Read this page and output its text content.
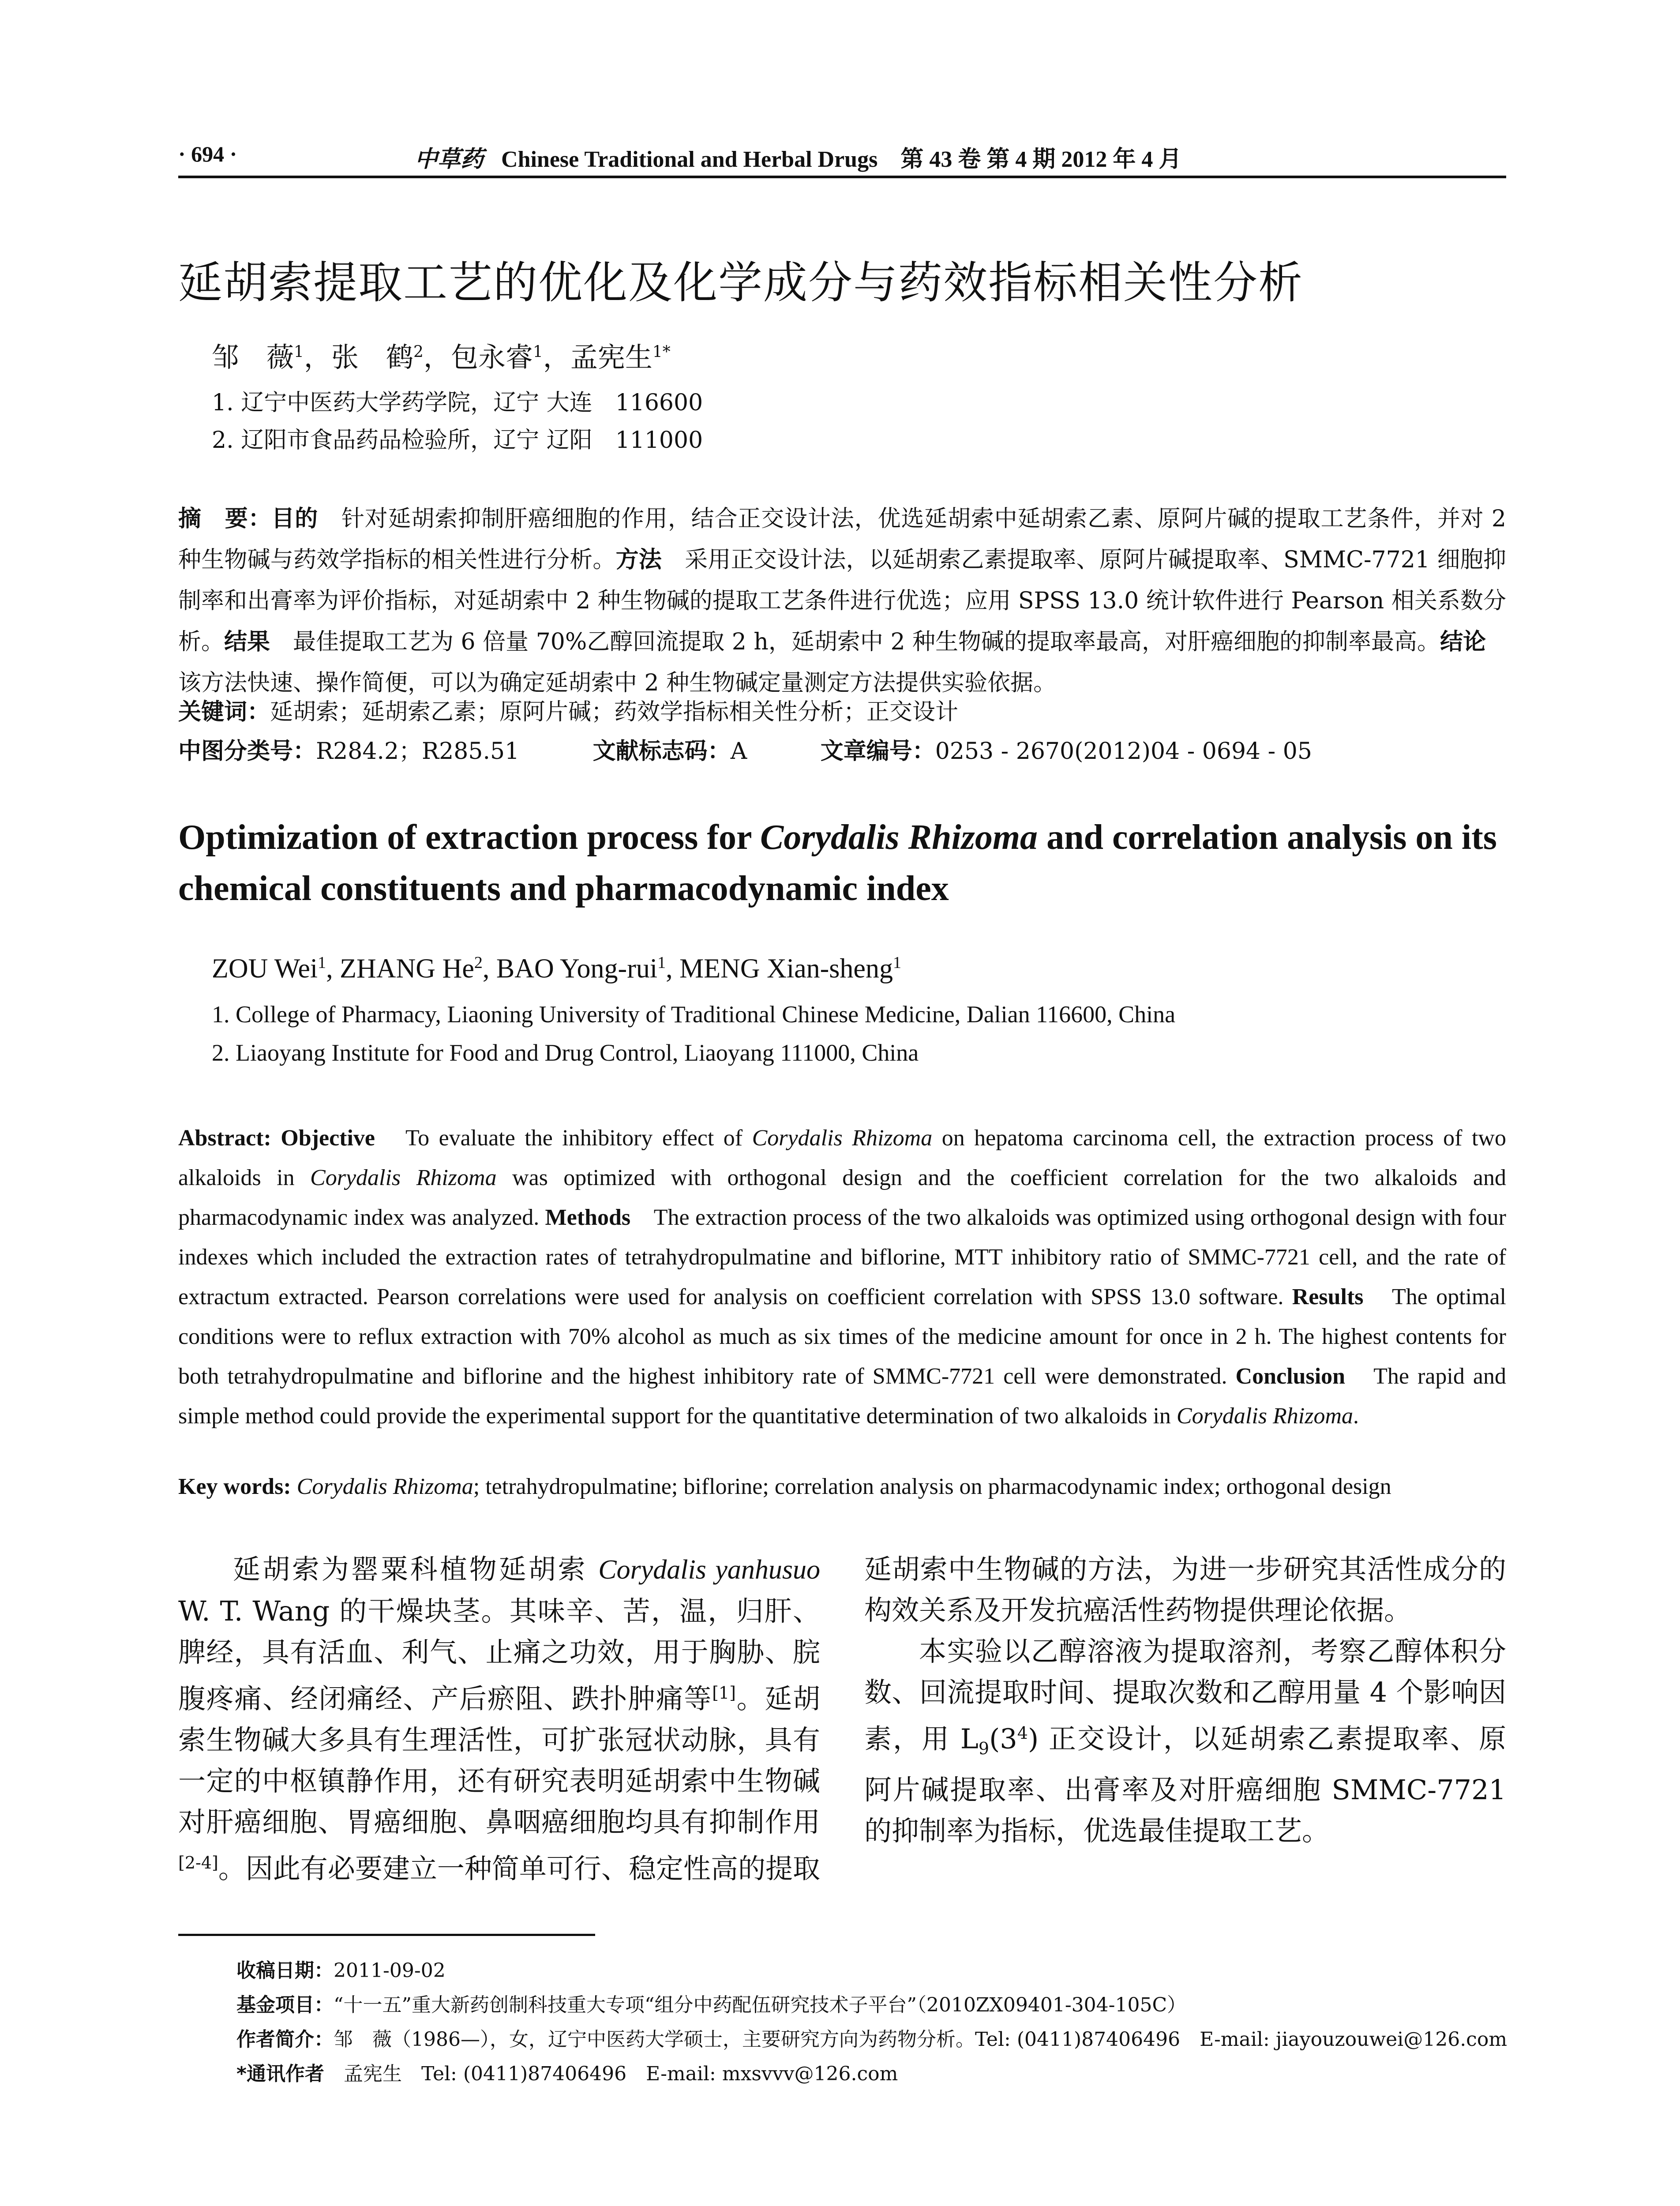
· 694 ·	中草药 Chinese Traditional and Herbal Drugs　第 43 卷 第 4 期 2012 年 4 月
延胡索提取工艺的优化及化学成分与药效指标相关性分析
邹　薇$^1$，张　鹤$^2$，包永睿$^1$，孟宪生$^{1*}$
1. 辽宁中医药大学药学院，辽宁 大连　116600
2. 辽阳市食品药品检验所，辽宁 辽阳　111000

摘　要：目的　针对延胡索抑制肝癌细胞的作用，结合正交设计法，优选延胡索中延胡索乙素、原阿片碱的提取工艺条件，并对 2 种生物碱与药效学指标的相关性进行分析。方法　采用正交设计法，以延胡索乙素提取率、原阿片碱提取率、SMMC-7721 细胞抑制率和出膏率为评价指标，对延胡索中 2 种生物碱的提取工艺条件进行优选；应用 SPSS 13.0 统计软件进行 Pearson 相关系数分析。结果　最佳提取工艺为 6 倍量 70%乙醇回流提取 2 h，延胡索中 2 种生物碱的提取率最高，对肝癌细胞的抑制率最高。结论　该方法快速、操作简便，可以为确定延胡索中 2 种生物碱定量测定方法提供实验依据。

关键词：延胡索；延胡索乙素；原阿片碱；药效学指标相关性分析；正交设计
中图分类号：R284.2；R285.51	文献标志码：A	文章编号：0253 - 2670(2012)04 - 0694 - 05
Optimization of extraction process for Corydalis Rhizoma and correlation analysis on its chemical constituents and pharmacodynamic index
ZOU Wei$^1$, ZHANG He$^2$, BAO Yong-rui$^1$, MENG Xian-sheng$^1$
1. College of Pharmacy, Liaoning University of Traditional Chinese Medicine, Dalian 116600, China
2. Liaoyang Institute for Food and Drug Control, Liaoyang 111000, China

Abstract: Objective　To evaluate the inhibitory effect of Corydalis Rhizoma on hepatoma carcinoma cell, the extraction process of two alkaloids in Corydalis Rhizoma was optimized with orthogonal design and the coefficient correlation for the two alkaloids and pharmacodynamic index was analyzed. Methods　The extraction process of the two alkaloids was optimized using orthogonal design with four indexes which included the extraction rates of tetrahydropulmatine and biflorine, MTT inhibitory ratio of SMMC-7721 cell, and the rate of extractum extracted. Pearson correlations were used for analysis on coefficient correlation with SPSS 13.0 software. Results　The optimal conditions were to reflux extraction with 70% alcohol as much as six times of the medicine amount for once in 2 h. The highest contents for both tetrahydropulmatine and biflorine and the highest inhibitory rate of SMMC-7721 cell were demonstrated. Conclusion　The rapid and simple method could provide the experimental support for the quantitative determination of two alkaloids in Corydalis Rhizoma.

Key words: Corydalis Rhizoma; tetrahydropulmatine; biflorine; correlation analysis on pharmacodynamic index; orthogonal design

延胡索为罂粟科植物延胡索 Corydalis yanhusuo W. T. Wang 的干燥块茎。其味辛、苦，温，归肝、脾经，具有活血、利气、止痛之功效，用于胸胁、脘腹疼痛、经闭痛经、产后瘀阻、跌扑肿痛等[1]。延胡索生物碱大多具有生理活性，可扩张冠状动脉，具有一定的中枢镇静作用，还有研究表明延胡索中生物碱对肝癌细胞、胃癌细胞、鼻咽癌细胞均具有抑制作用[2-4]。因此有必要建立一种简单可行、稳定性高的提取延胡索中生物碱的方法，为进一步研究其活性成分的构效关系及开发抗癌活性药物提供理论依据。

本实验以乙醇溶液为提取溶剂，考察乙醇体积分数、回流提取时间、提取次数和乙醇用量 4 个影响因素，用 $L_9(3^4)$ 正交设计，以延胡索乙素提取率、原阿片碱提取率、出膏率及对肝癌细胞 SMMC-7721 的抑制率为指标，优选最佳提取工艺。

收稿日期：2011-09-02
基金项目：“十一五”重大新药创制科技重大专项“组分中药配伍研究技术子平台”（2010ZX09401-304-105C）
作者简介：邹　薇（1986—），女，辽宁中医药大学硕士，主要研究方向为药物分析。Tel: (0411)87406496　E-mail: jiayouzouwei@126.com
*通讯作者　孟宪生　Tel: (0411)87406496　E-mail: mxsvvv@126.com
